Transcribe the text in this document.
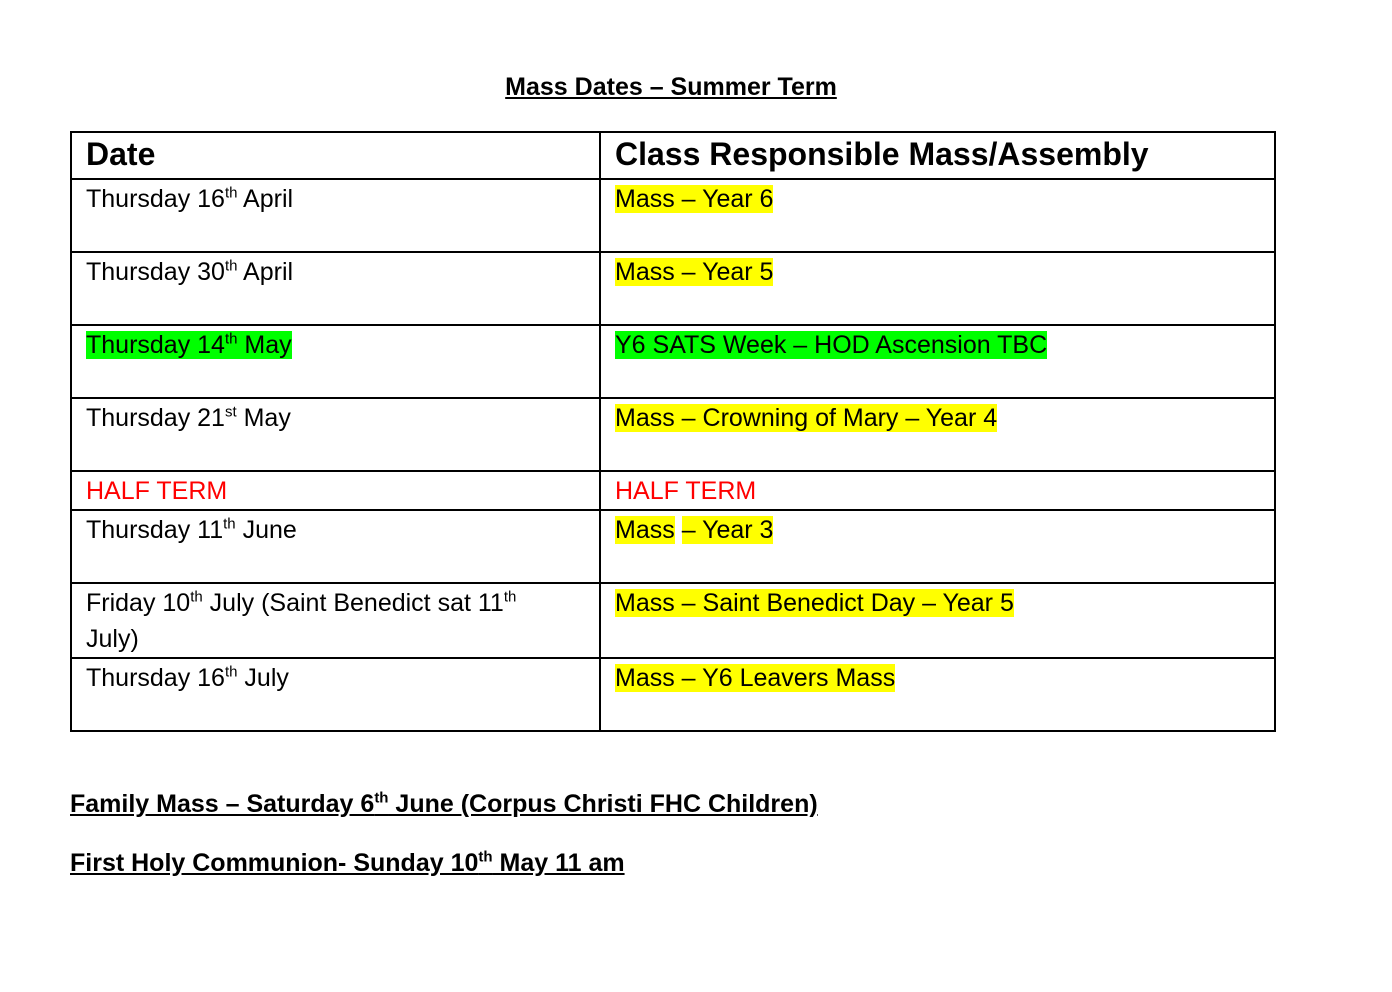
Mass Dates – Summer Term
Date	Class Responsible Mass/Assembly
Thursday 16th April	Mass – Year 6
Thursday 30th April	Mass – Year 5
Thursday 14th May	Y6 SATS Week – HOD Ascension TBC
Thursday 21st May	Mass – Crowning of Mary – Year 4
HALF TERM	HALF TERM
Thursday 11th June	Mass – Year 3
Friday 10th July (Saint Benedict sat 11th
July)	Mass – Saint Benedict Day – Year 5
Thursday 16th July	Mass – Y6 Leavers Mass
Family Mass – Saturday 6th June (Corpus Christi FHC Children)
First Holy Communion- Sunday 10th May 11 am
